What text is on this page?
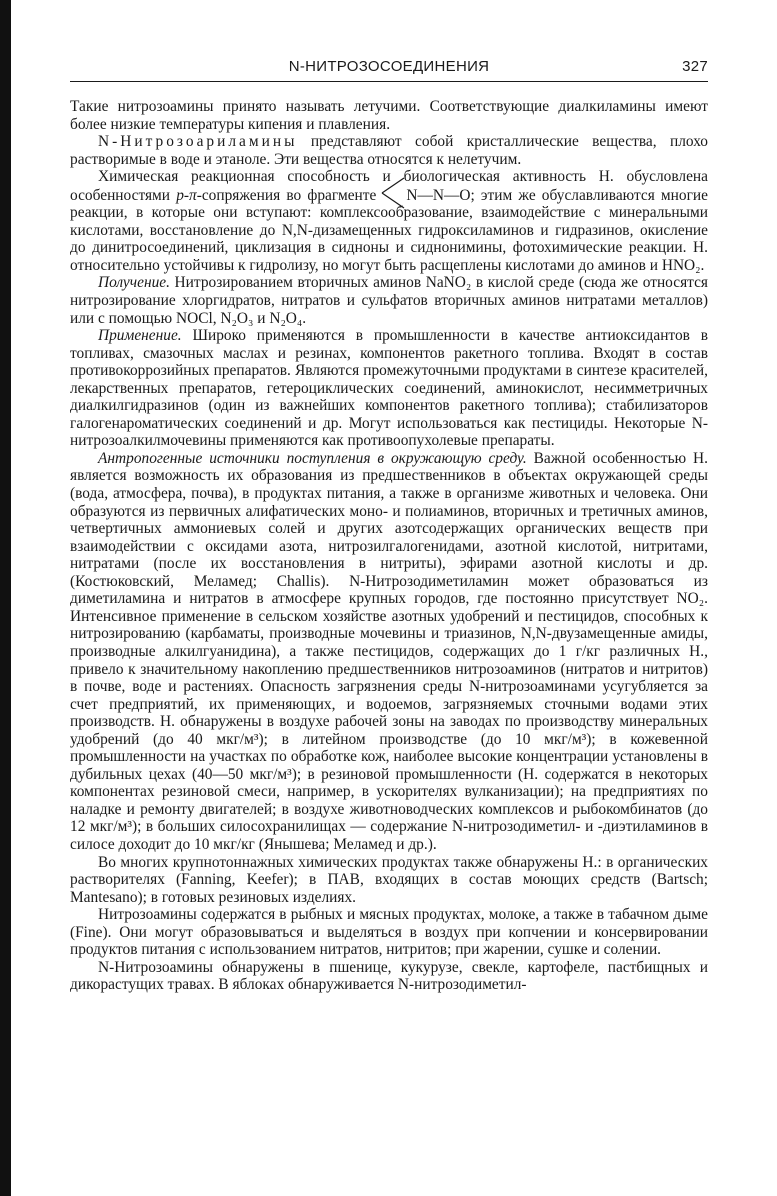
N-НИТРОЗОСОЕДИНЕНИЯ	327

Такие нитрозоамины принято называть летучими. Соответствующие диалкиламины имеют более низкие температуры кипения и плавления.

N-Нитрозоариламины представляют собой кристаллические вещества, плохо растворимые в воде и этаноле. Эти вещества относятся к нелетучим.

Химическая реакционная способность и биологическая активность Н. обусловлена особенностями p-π-сопряжения во фрагменте N—N—O; этим же обуславливаются многие реакции, в которые они вступают: комплексообразование, взаимодействие с минеральными кислотами, восстановление до N,N-дизамещенных гидроксиламинов и гидразинов, окисление до динитросоединений, циклизация в сидноны и сиднонимины, фотохимические реакции. Н. относительно устойчивы к гидролизу, но могут быть расщеплены кислотами до аминов и HNO₂.

Получение. Нитрозированием вторичных аминов NaNO₂ в кислой среде (сюда же относятся нитрозирование хлоргидратов, нитратов и сульфатов вторичных аминов нитратами металлов) или с помощью NOCl, N₂O₃ и N₂O₄.

Применение. Широко применяются в промышленности в качестве антиоксидантов в топливах, смазочных маслах и резинах, компонентов ракетного топлива. Входят в состав противокоррозийных препаратов. Являются промежуточными продуктами в синтезе красителей, лекарственных препаратов, гетероциклических соединений, аминокислот, несимметричных диалкилгидразинов (один из важнейших компонентов ракетного топлива); стабилизаторов галогенароматических соединений и др. Могут использоваться как пестициды. Некоторые N-нитрозоалкилмочевины применяются как противоопухолевые препараты.

Антропогенные источники поступления в окружающую среду. Важной особенностью Н. является возможность их образования из предшественников в объектах окружающей среды (вода, атмосфера, почва), в продуктах питания, а также в организме животных и человека. Они образуются из первичных алифатических моно- и полиаминов, вторичных и третичных аминов, четвертичных аммониевых солей и других азотсодержащих органических веществ при взаимодействии с оксидами азота, нитрозилгалогенидами, азотной кислотой, нитритами, нитратами (после их восстановления в нитриты), эфирами азотной кислоты и др. (Костюковский, Меламед; Challis). N-Нитрозодиметиламин может образоваться из диметиламина и нитратов в атмосфере крупных городов, где постоянно присутствует NO₂. Интенсивное применение в сельском хозяйстве азотных удобрений и пестицидов, способных к нитрозированию (карбаматы, производные мочевины и триазинов, N,N-двузамещенные амиды, производные алкилгуанидина), а также пестицидов, содержащих до 1 г/кг различных Н., привело к значительному накоплению предшественников нитрозоаминов (нитратов и нитритов) в почве, воде и растениях. Опасность загрязнения среды N-нитрозоаминами усугубляется за счет предприятий, их применяющих, и водоемов, загрязняемых сточными водами этих производств. Н. обнаружены в воздухе рабочей зоны на заводах по производству минеральных удобрений (до 40 мкг/м³); в литейном производстве (до 10 мкг/м³); в кожевенной промышленности на участках по обработке кож, наиболее высокие концентрации установлены в дубильных цехах (40—50 мкг/м³); в резиновой промышленности (Н. содержатся в некоторых компонентах резиновой смеси, например, в ускорителях вулканизации); на предприятиях по наладке и ремонту двигателей; в воздухе животноводческих комплексов и рыбокомбинатов (до 12 мкг/м³); в больших силосохранилищах — содержание N-нитрозодиметил- и -диэтиламинов в силосе доходит до 10 мкг/кг (Янышева; Меламед и др.).

Во многих крупнотоннажных химических продуктах также обнаружены Н.: в органических растворителях (Fanning, Keefer); в ПАВ, входящих в состав моющих средств (Bartsch; Mantesano); в готовых резиновых изделиях.

Нитрозоамины содержатся в рыбных и мясных продуктах, молоке, а также в табачном дыме (Fine). Они могут образовываться и выделяться в воздух при копчении и консервировании продуктов питания с использованием нитратов, нитритов; при жарении, сушке и солении.

N-Нитрозоамины обнаружены в пшенице, кукурузе, свекле, картофеле, пастбищных и дикорастущих травах. В яблоках обнаруживается N-нитрозодиметил-
